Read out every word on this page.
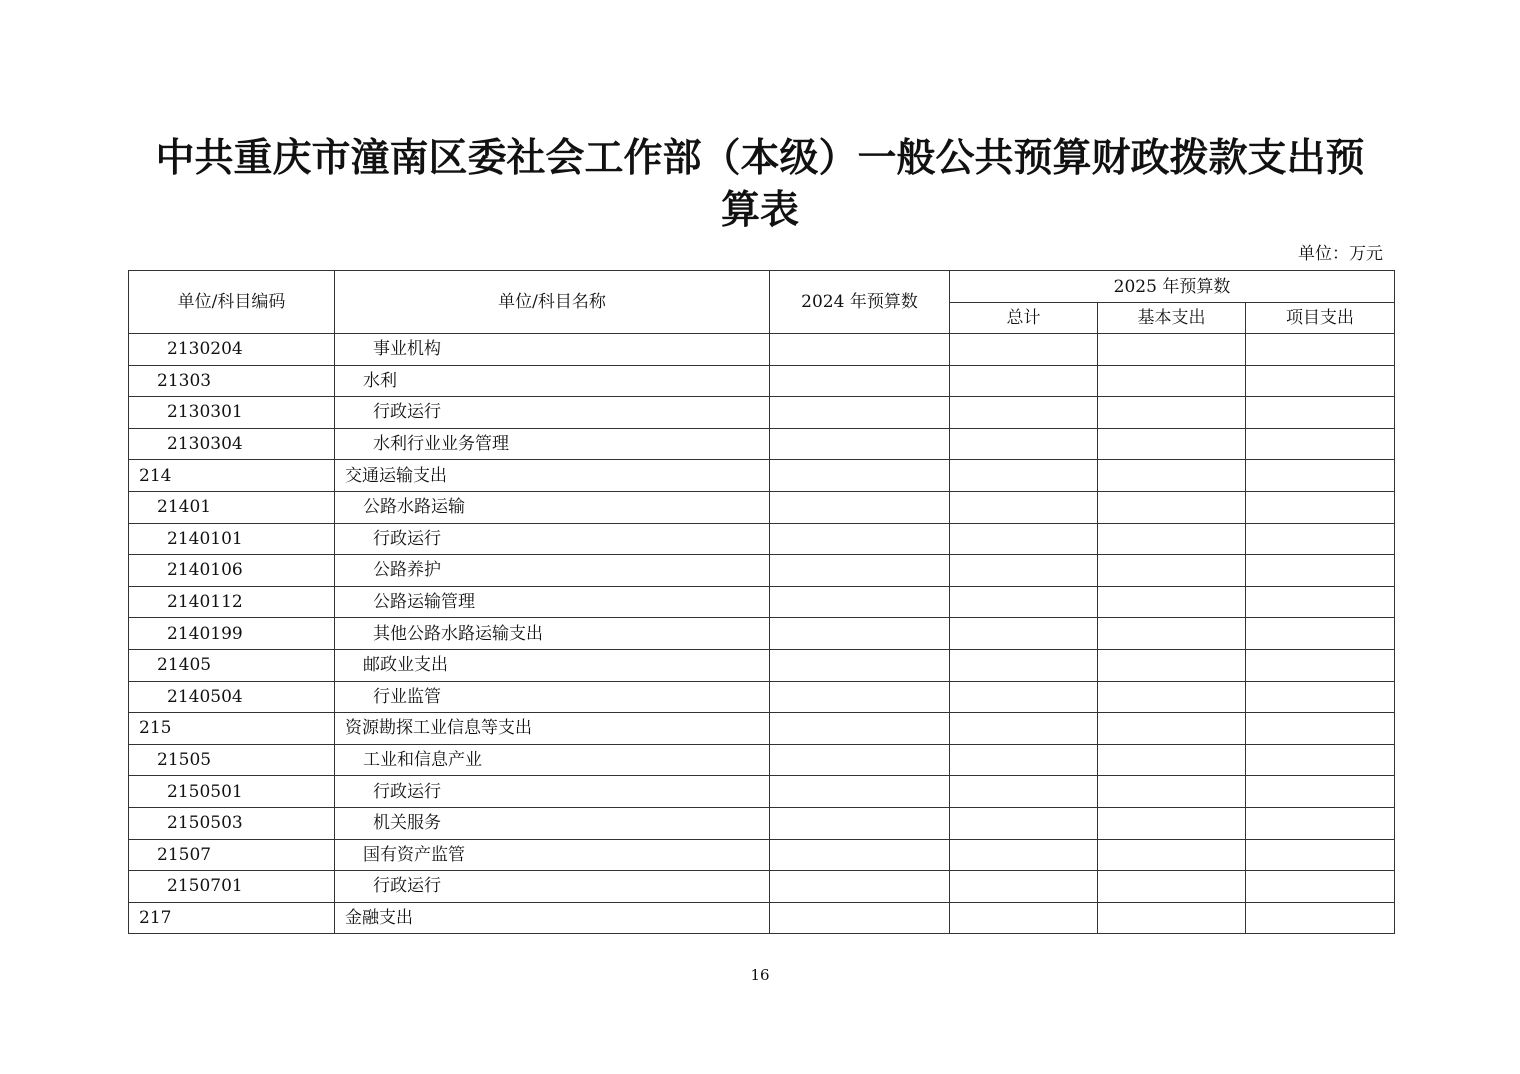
中共重庆市潼南区委社会工作部（本级）一般公共预算财政拨款支出预
算表
单位：万元
单位/科目编码	单位/科目名称	2024 年预算数	2025 年预算数		
			总计	基本支出	项目支出
2130204	事业机构				
21303	水利				
2130301	行政运行				
2130304	水利行业业务管理				
214	交通运输支出				
21401	公路水路运输				
2140101	行政运行				
2140106	公路养护				
2140112	公路运输管理				
2140199	其他公路水路运输支出				
21405	邮政业支出				
2140504	行业监管				
215	资源勘探工业信息等支出				
21505	工业和信息产业				
2150501	行政运行				
2150503	机关服务				
21507	国有资产监管				
2150701	行政运行				
217	金融支出				
16
